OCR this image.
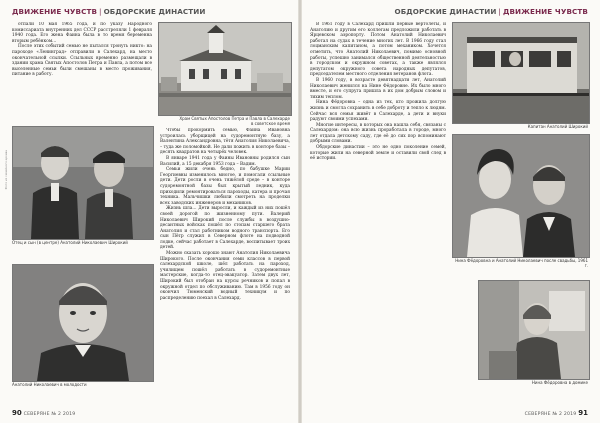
ДВИЖЕНИЕ ЧУВСТВ | ОБДОРСКИЕ ДИНАСТИИ	ОБДОРСКИЕ ДИНАСТИИ | ДВИЖЕНИЕ ЧУВСТВ

отпали 10 мая 1965 года, и по указу Народного комиссариата внутренних дел СССР расстреляли 1 февраля 1940 года. Его жена Фаина была в то время беременна вторым ребёнком...

После этих событий семью не пытался тронуть никто: на пароходе «Ленинград» отправили в Салехард, на место окончательной ссылки. Ссыльных временно размещали в здании храма Святых Апостолов Петра и Павла, а потом все выселенные семьи были смешаны в место проживания, питание в работу.

Храм Святых Апостолов Петра и Павла в Салехарде в советское время
Отец и сын (в центре) Анатолий Николаевич Широкий
Анатолий Николаевич в молодости

Чтобы прокормить семью, Фаина Ивановна устроилась уборщицей на судоремонтную базу, а Валентина Александровна, тётя Анатолия Николаевича, – туда же поломойкой. Не дали пожить в конторе базы – десять квадратов на четырёх человек.

В январе 1941 года у Фаины Ивановны родился сын Василий, а 15 декабря 1953 года – Вадим.

Семьи жили очень бедно, по бабушке Марии Георгиевны изменилось многое, и помогали ссыльные дети. Дети росли в очень тяжёлой среде – в конторе судоремонтной базы был крытый ледник, куда приходили ремонтироваться пароходы, катера и прочая техника. Мальчишки любили смотреть на проделки всех заводских инженеров и механиков.

Жизнь шла... Дети выросли, и каждый из них пошёл своей дорогой по жизненному пути. Валерий Николаевич Широкий после службы в воздушно-десантных войсках пошёл по стопам старшего брата Анатолия и стал работником водного транспорта. Его сын Пётр служил в Северном флоте на подводной лодке, сейчас работает в Салехарде, воспитывает троих детей.

Можно сказать хорошо знают Анатолия Николаевича Широкого. После окончания семи классов в первой салехардской школе, шёл работать на пароход, училищем пошёл работать в судоремонтные мастерские, когда-то отец-эвакуатор. Затем двух лет, Широкий был отобран на курсы речников и попал в окружной отдел по обслуживанию. Там в 1956 году он окончил Тюменский водный техникум и по распределению поехал в Салехард.

90 СЕВЕРЯНЕ № 2 2019

В 1961 году в Салехард пришли первые вертолёты, и Анатолию и другим его коллегам предложили работать в Ярцевском аэропорту. Потом Анатолий Николаевич работал на судах в течение многих лет. В 1966 году стал лоцманским капитаном, а потом механиком. Хочется отметить, что Анатолий Николаевич, помимо основной работы, успешно занимался общественной деятельностью в городском и окружном советах, а также являлся депутатом окружного совета народных депутатов, председателем местного отделения ветеранов флота.

В 1960 году, в возрасте девятнадцати лет, Анатолий Николаевич женился на Нине Фёдоровне. Их было много вместе, и его супруга пришла в их дом добрым словом и тихим теплом.

Нина Фёдоровна – одна из тех, кто прожила долгую жизнь и смогла сохранить в себе доброту и тепло к людям. Сейчас вся семья живёт в Салехарде, а дети и внуки радуют своими успехами.

Многие интересы, в которых она нашла себя, связаны с Салехардом: она всю жизнь проработала в городе, много лет отдала детскому саду, где её до сих пор вспоминают добрыми словами.

Обдорские династии – это не одно поколение семей, которые жили на северной земле и оставили свой след в её истории.

Капитан Анатолий Широкий
Нина Фёдоровна и Анатолий Николаевич после свадьбы, 1961 г.
Нина Фёдоровна в домике
СЕВЕРЯНЕ № 2 2019 91
Фото из семейного архива
